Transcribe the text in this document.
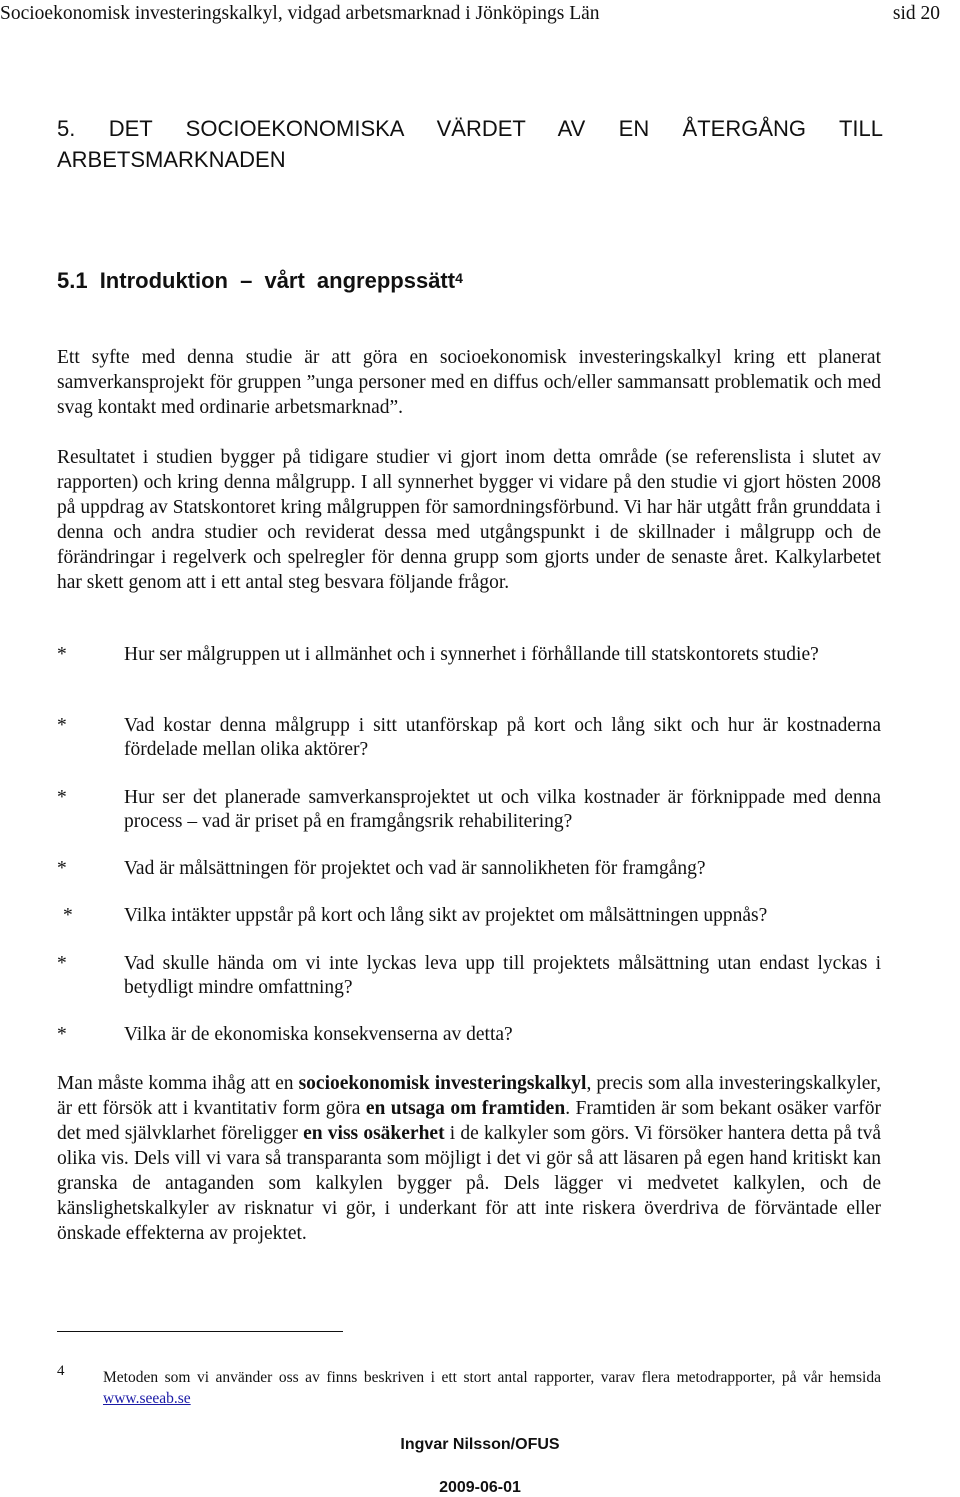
Socioekonomisk investeringskalkyl, vidgad arbetsmarknad i Jönköpings Län	sid 20
5. DET SOCIOEKONOMISKA VÄRDET AV EN ÅTERGÅNG TILL
ARBETSMARKNADEN
5.1 Introduktion – vårt angreppssätt$^4$

Ett syfte med denna studie är att göra en socioekonomisk investeringskalkyl kring ett planerat samverkansprojekt för gruppen ”unga personer med en diffus och/eller sammansatt problematik och med svag kontakt med ordinarie arbetsmarknad”.

Resultatet i studien bygger på tidigare studier vi gjort inom detta område (se referenslista i slutet av rapporten) och kring denna målgrupp. I all synnerhet bygger vi vidare på den studie vi gjort hösten 2008 på uppdrag av Statskontoret kring målgruppen för samordningsförbund. Vi har här utgått från grunddata i denna och andra studier och reviderat dessa med utgångspunkt i de skillnader i målgrupp och de förändringar i regelverk och spelregler för denna grupp som gjorts under de senaste året. Kalkylarbetet har skett genom att i ett antal steg besvara följande frågor.

*	Hur ser målgruppen ut i allmänhet och i synnerhet i förhållande till statskontorets studie?
*	Vad kostar denna målgrupp i sitt utanförskap på kort och lång sikt och hur är kostnaderna fördelade mellan olika aktörer?
*	Hur ser det planerade samverkansprojektet ut och vilka kostnader är förknippade med denna process – vad är priset på en framgångsrik rehabilitering?
*	Vad är målsättningen för projektet och vad är sannolikheten för framgång?
*	Vilka intäkter uppstår på kort och lång sikt av projektet om målsättningen uppnås?
*	Vad skulle hända om vi inte lyckas leva upp till projektets målsättning utan endast lyckas i betydligt mindre omfattning?
*	Vilka är de ekonomiska konsekvenserna av detta?

Man måste komma ihåg att en socioekonomisk investeringskalkyl, precis som alla investeringskalkyler, är ett försök att i kvantitativ form göra en utsaga om framtiden. Framtiden är som bekant osäker varför det med självklarhet föreligger en viss osäkerhet i de kalkyler som görs. Vi försöker hantera detta på två olika vis. Dels vill vi vara så transparanta som möjligt i det vi gör så att läsaren på egen hand kritiskt kan granska de antaganden som kalkylen bygger på. Dels lägger vi medvetet kalkylen, och de känslighetskalkyler av risknatur vi gör, i underkant för att inte riskera överdriva de förväntade eller önskade effekterna av projektet.

4 Metoden som vi använder oss av finns beskriven i ett stort antal rapporter, varav flera metodrapporter, på vår hemsida www.seeab.se

Ingvar Nilsson/OFUS
2009-06-01
